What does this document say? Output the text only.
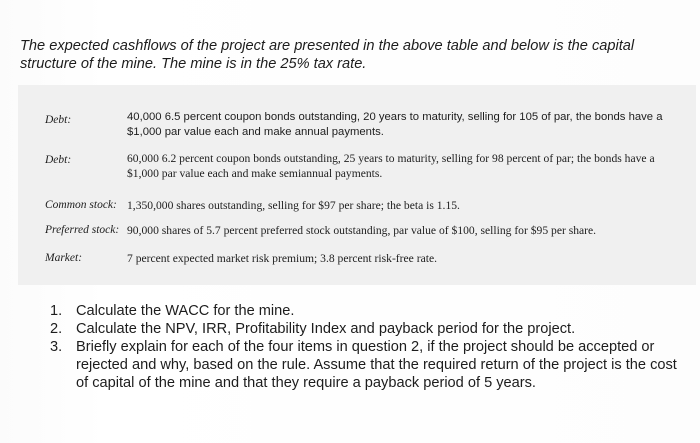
The expected cashflows of the project are presented in the above table and below is the capital structure of the mine. The mine is in the 25% tax rate.
Debt:	40,000 6.5 percent coupon bonds outstanding, 20 years to maturity, selling for 105 of par, the bonds have a $1,000 par value each and make annual payments.
Debt:	60,000 6.2 percent coupon bonds outstanding, 25 years to maturity, selling for 98 percent of par; the bonds have a $1,000 par value each and make semiannual payments.
Common stock: 1,350,000 shares outstanding, selling for $97 per share; the beta is 1.15.
Preferred stock: 90,000 shares of 5.7 percent preferred stock outstanding, par value of $100, selling for $95 per share.
Market:	7 percent expected market risk premium; 3.8 percent risk-free rate.
1. Calculate the WACC for the mine.
2. Calculate the NPV, IRR, Profitability Index and payback period for the project.
3. Briefly explain for each of the four items in question 2, if the project should be accepted or rejected and why, based on the rule. Assume that the required return of the project is the cost of capital of the mine and that they require a payback period of 5 years.
